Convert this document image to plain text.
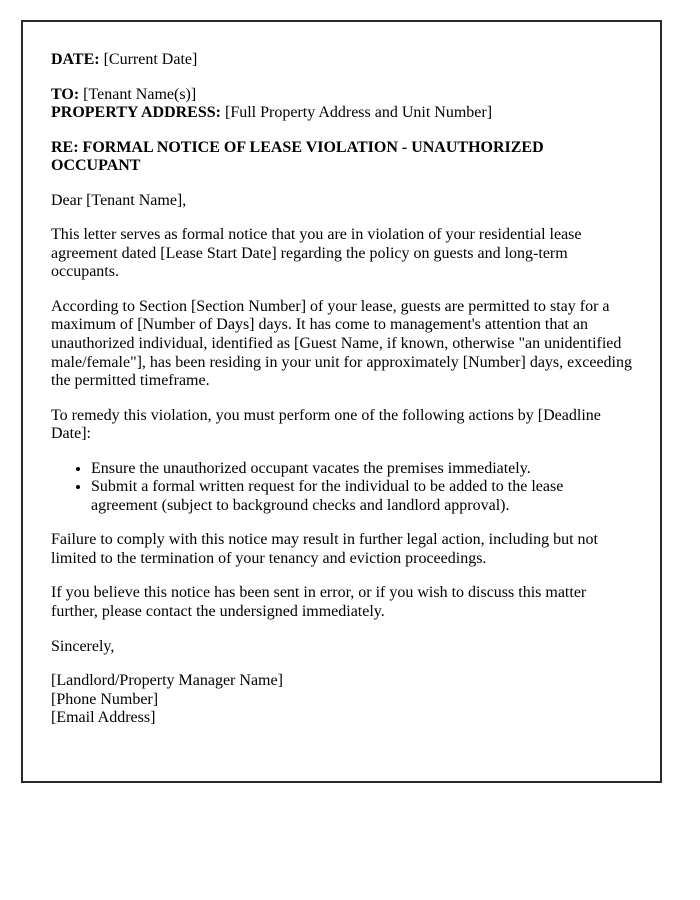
DATE: [Current Date]

TO: [Tenant Name(s)]
PROPERTY ADDRESS: [Full Property Address and Unit Number]

RE: FORMAL NOTICE OF LEASE VIOLATION - UNAUTHORIZED OCCUPANT

Dear [Tenant Name],

This letter serves as formal notice that you are in violation of your residential lease agreement dated [Lease Start Date] regarding the policy on guests and long-term occupants.

According to Section [Section Number] of your lease, guests are permitted to stay for a maximum of [Number of Days] days. It has come to management's attention that an unauthorized individual, identified as [Guest Name, if known, otherwise "an unidentified male/female"], has been residing in your unit for approximately [Number] days, exceeding the permitted timeframe.

To remedy this violation, you must perform one of the following actions by [Deadline Date]:

• Ensure the unauthorized occupant vacates the premises immediately.
• Submit a formal written request for the individual to be added to the lease agreement (subject to background checks and landlord approval).

Failure to comply with this notice may result in further legal action, including but not limited to the termination of your tenancy and eviction proceedings.

If you believe this notice has been sent in error, or if you wish to discuss this matter further, please contact the undersigned immediately.

Sincerely,

[Landlord/Property Manager Name]
[Phone Number]
[Email Address]
